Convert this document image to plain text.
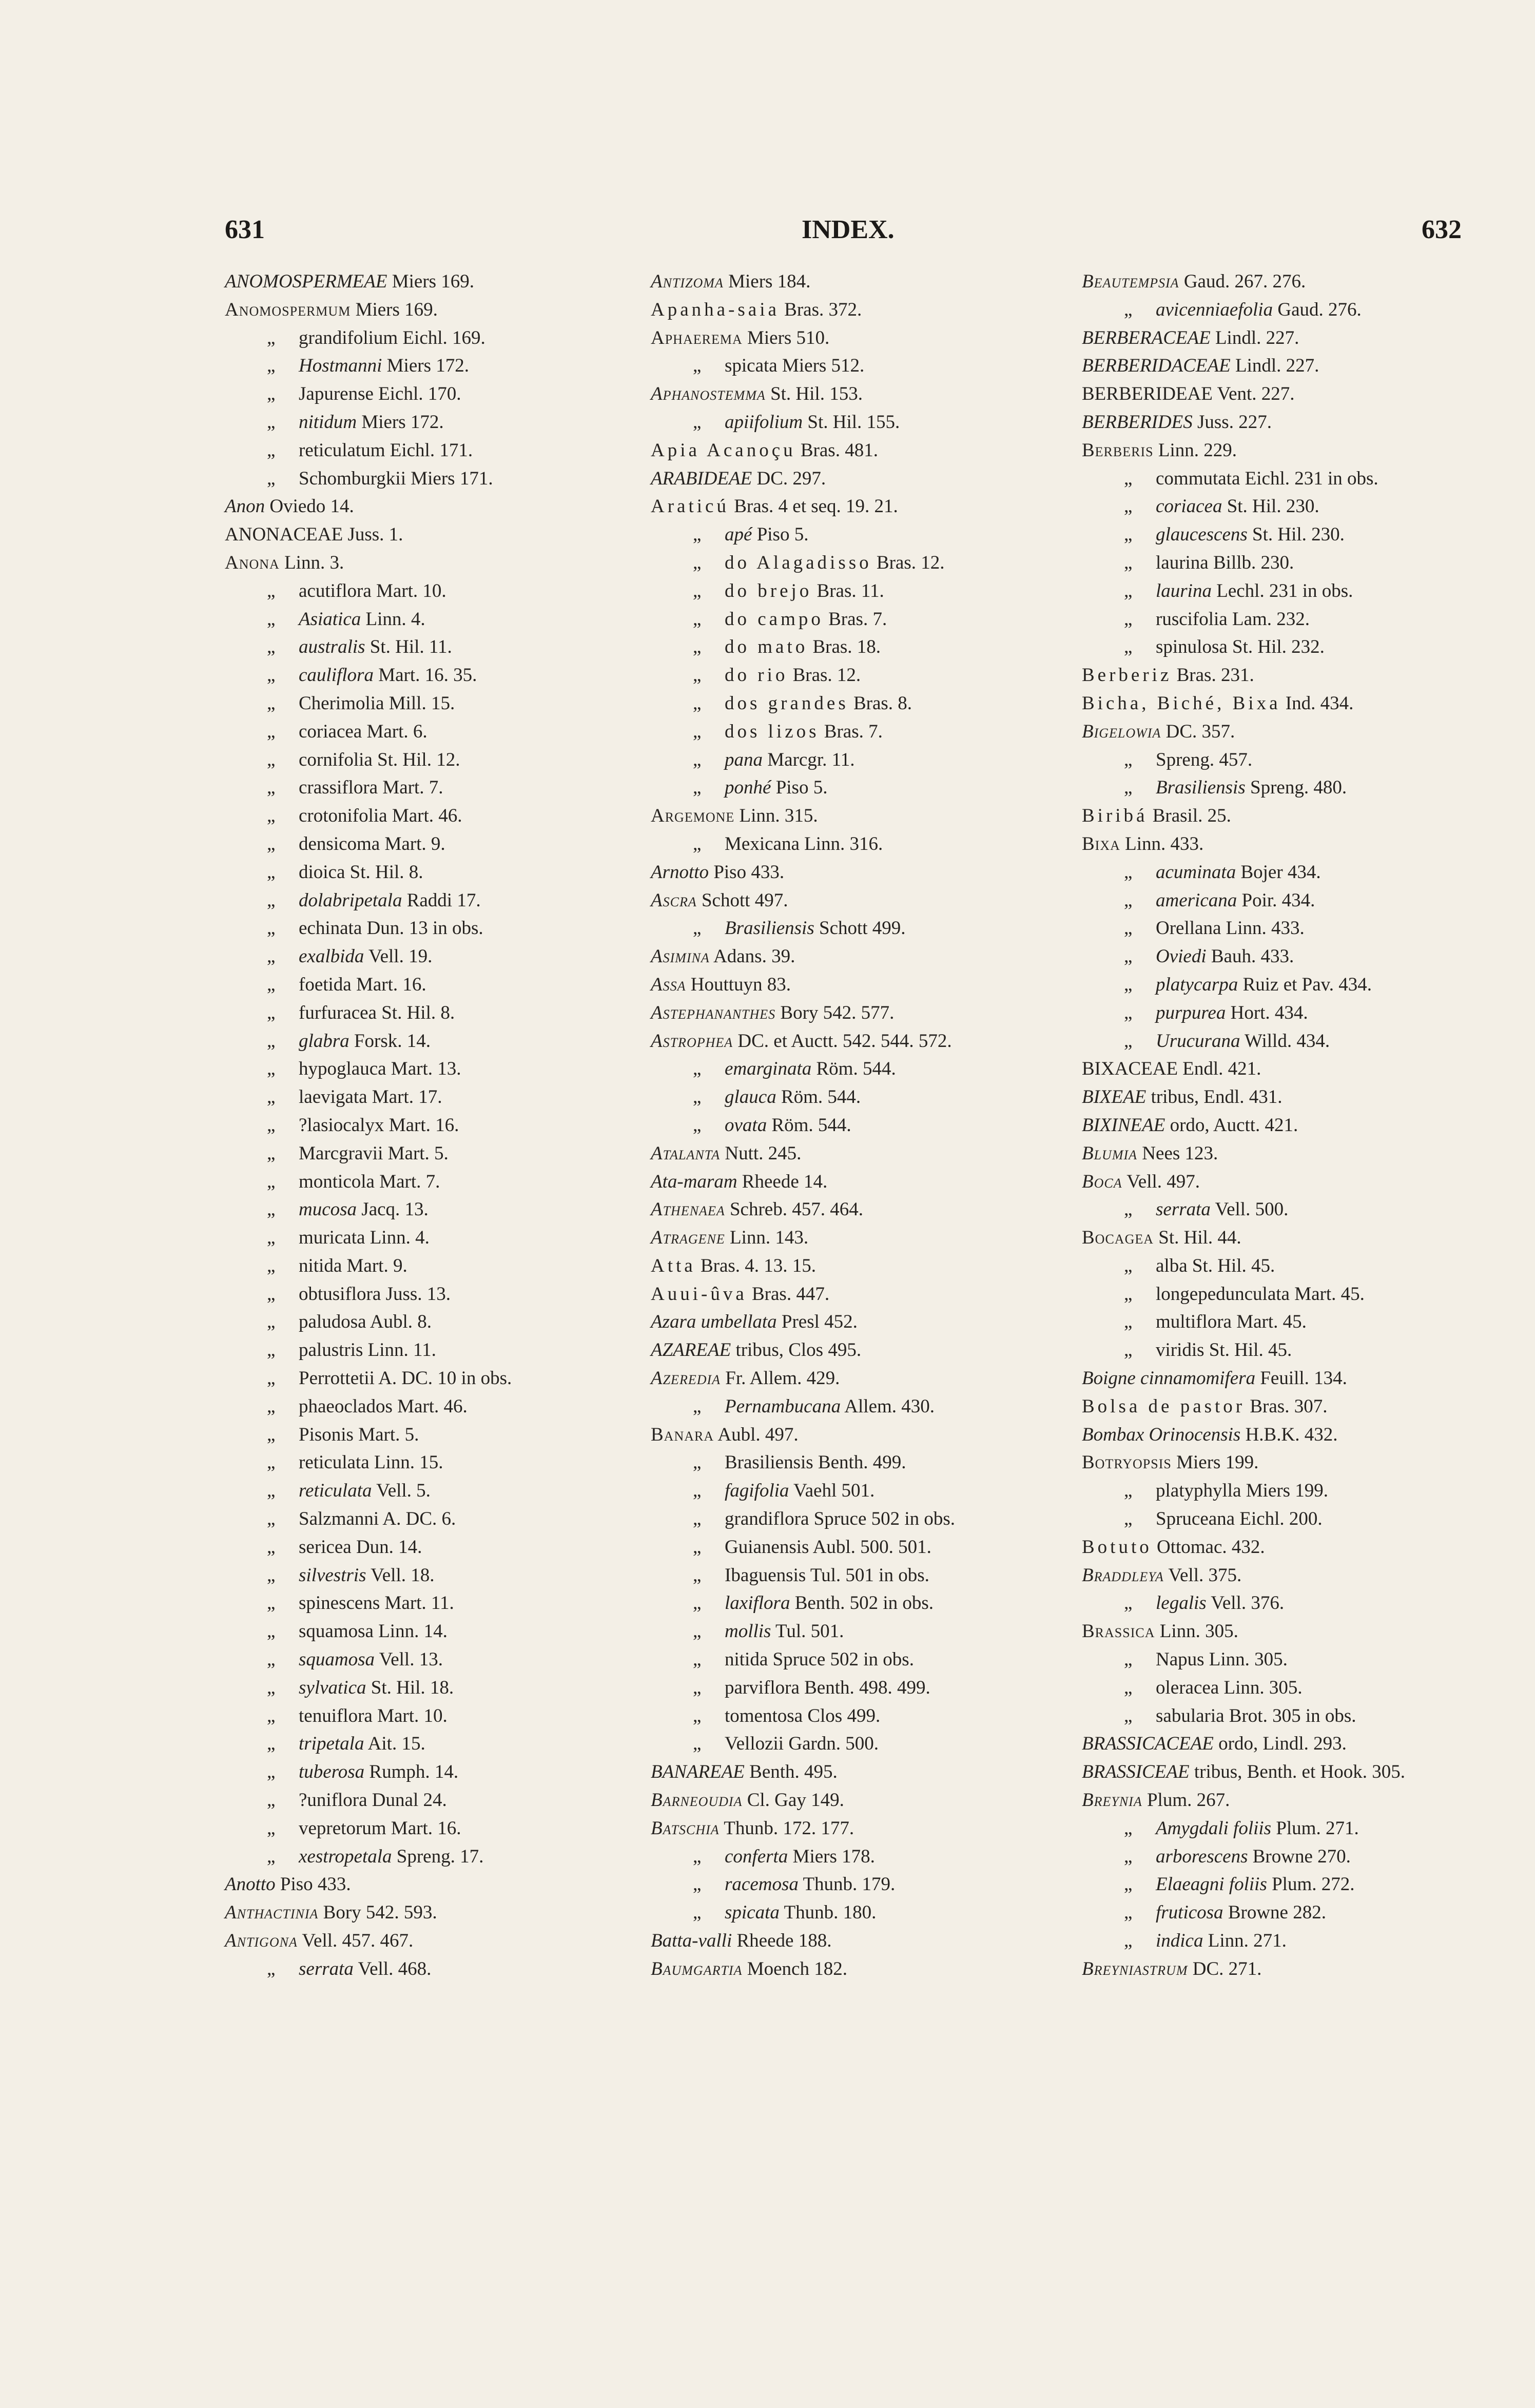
631	INDEX.	632
ANOMOSPERMEAE Miers 169.
Anomospermum Miers 169.
„ grandifolium Eichl. 169.
„ Hostmanni Miers 172.
„ Japurense Eichl. 170.
„ nitidum Miers 172.
„ reticulatum Eichl. 171.
„ Schomburgkii Miers 171.
Anon Oviedo 14.
ANONACEAE Juss. 1.
Anona Linn. 3.
„ acutiflora Mart. 10.
„ Asiatica Linn. 4.
„ australis St. Hil. 11.
„ cauliflora Mart. 16. 35.
„ Cherimolia Mill. 15.
„ coriacea Mart. 6.
„ cornifolia St. Hil. 12.
„ crassiflora Mart. 7.
„ crotonifolia Mart. 46.
„ densicoma Mart. 9.
„ dioica St. Hil. 8.
„ dolabripetala Raddi 17.
„ echinata Dun. 13 in obs.
„ exalbida Vell. 19.
„ foetida Mart. 16.
„ furfuracea St. Hil. 8.
„ glabra Forsk. 14.
„ hypoglauca Mart. 13.
„ laevigata Mart. 17.
„ ?lasiocalyx Mart. 16.
„ Marcgravii Mart. 5.
„ monticola Mart. 7.
„ mucosa Jacq. 13.
„ muricata Linn. 4.
„ nitida Mart. 9.
„ obtusiflora Juss. 13.
„ paludosa Aubl. 8.
„ palustris Linn. 11.
„ Perrottetii A. DC. 10 in obs.
„ phaeoclados Mart. 46.
„ Pisonis Mart. 5.
„ reticulata Linn. 15.
„ reticulata Vell. 5.
„ Salzmanni A. DC. 6.
„ sericea Dun. 14.
„ silvestris Vell. 18.
„ spinescens Mart. 11.
„ squamosa Linn. 14.
„ squamosa Vell. 13.
„ sylvatica St. Hil. 18.
„ tenuiflora Mart. 10.
„ tripetala Ait. 15.
„ tuberosa Rumph. 14.
„ ?uniflora Dunal 24.
„ vepretorum Mart. 16.
„ xestropetala Spreng. 17.
Anotto Piso 433.
Anthactinia Bory 542. 593.
Antigona Vell. 457. 467.
„ serrata Vell. 468.
Antizoma Miers 184.
Apanha-saia Bras. 372.
Aphaerema Miers 510.
„ spicata Miers 512.
Aphanostemma St. Hil. 153.
„ apiifolium St. Hil. 155.
Apia Acanoçu Bras. 481.
ARABIDEAE DC. 297.
Araticú Bras. 4 et seq. 19. 21.
„ apé Piso 5.
„ do Alagadisso Bras. 12.
„ do brejo Bras. 11.
„ do campo Bras. 7.
„ do mato Bras. 18.
„ do rio Bras. 12.
„ dos grandes Bras. 8.
„ dos lizos Bras. 7.
„ pana Marcgr. 11.
„ ponhé Piso 5.
Argemone Linn. 315.
„ Mexicana Linn. 316.
Arnotto Piso 433.
Ascra Schott 497.
„ Brasiliensis Schott 499.
Asimina Adans. 39.
Assa Houttuyn 83.
Astephananthes Bory 542. 577.
Astrophea DC. et Auctt. 542. 544. 572.
„ emarginata Röm. 544.
„ glauca Röm. 544.
„ ovata Röm. 544.
Atalanta Nutt. 245.
Ata-maram Rheede 14.
Athenaea Schreb. 457. 464.
Atragene Linn. 143.
Atta Bras. 4. 13. 15.
Auui-ûva Bras. 447.
Azara umbellata Presl 452.
AZAREAE tribus, Clos 495.
Azeredia Fr. Allem. 429.
„ Pernambucana Allem. 430.
Banara Aubl. 497.
„ Brasiliensis Benth. 499.
„ fagifolia Vaehl 501.
„ grandiflora Spruce 502 in obs.
„ Guianensis Aubl. 500. 501.
„ Ibaguensis Tul. 501 in obs.
„ laxiflora Benth. 502 in obs.
„ mollis Tul. 501.
„ nitida Spruce 502 in obs.
„ parviflora Benth. 498. 499.
„ tomentosa Clos 499.
„ Vellozii Gardn. 500.
BANAREAE Benth. 495.
Barneoudia Cl. Gay 149.
Batschia Thunb. 172. 177.
„ conferta Miers 178.
„ racemosa Thunb. 179.
„ spicata Thunb. 180.
Batta-valli Rheede 188.
Baumgartia Moench 182.
Beautempsia Gaud. 267. 276.
„ avicenniaefolia Gaud. 276.
BERBERACEAE Lindl. 227.
BERBERIDACEAE Lindl. 227.
BERBERIDEAE Vent. 227.
BERBERIDES Juss. 227.
Berberis Linn. 229.
„ commutata Eichl. 231 in obs.
„ coriacea St. Hil. 230.
„ glaucescens St. Hil. 230.
„ laurina Billb. 230.
„ laurina Lechl. 231 in obs.
„ ruscifolia Lam. 232.
„ spinulosa St. Hil. 232.
Berberiz Bras. 231.
Bicha, Biché, Bixa Ind. 434.
Bigelowia DC. 357.
„ Spreng. 457.
„ Brasiliensis Spreng. 480.
Biribá Brasil. 25.
Bixa Linn. 433.
„ acuminata Bojer 434.
„ americana Poir. 434.
„ Orellana Linn. 433.
„ Oviedi Bauh. 433.
„ platycarpa Ruiz et Pav. 434.
„ purpurea Hort. 434.
„ Urucurana Willd. 434.
BIXACEAE Endl. 421.
BIXEAE tribus, Endl. 431.
BIXINEAE ordo, Auctt. 421.
Blumia Nees 123.
Boca Vell. 497.
„ serrata Vell. 500.
Bocagea St. Hil. 44.
„ alba St. Hil. 45.
„ longepedunculata Mart. 45.
„ multiflora Mart. 45.
„ viridis St. Hil. 45.
Boigne cinnamomifera Feuill. 134.
Bolsa de pastor Bras. 307.
Bombax Orinocensis H.B.K. 432.
Botryopsis Miers 199.
„ platyphylla Miers 199.
„ Spruceana Eichl. 200.
Botuto Ottomac. 432.
Braddleya Vell. 375.
„ legalis Vell. 376.
Brassica Linn. 305.
„ Napus Linn. 305.
„ oleracea Linn. 305.
„ sabularia Brot. 305 in obs.
BRASSICACEAE ordo, Lindl. 293.
BRASSICEAE tribus, Benth. et Hook. 305.
Breynia Plum. 267.
„ Amygdali foliis Plum. 271.
„ arborescens Browne 270.
„ Elaeagni foliis Plum. 272.
„ fruticosa Browne 282.
„ indica Linn. 271.
Breyniastrum DC. 271.
